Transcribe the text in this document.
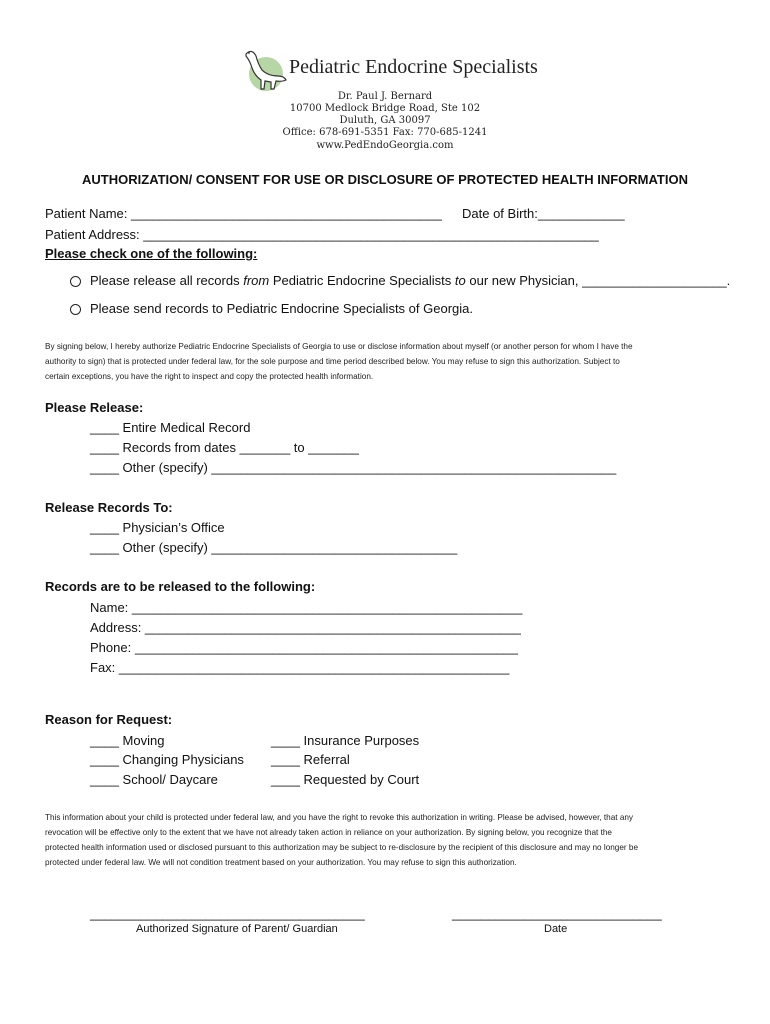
Pediatric Endocrine Specialists
Dr. Paul J. Bernard
10700 Medlock Bridge Road, Ste 102
Duluth, GA 30097
Office: 678-691-5351 Fax: 770-685-1241
www.PedEndoGeorgia.com
AUTHORIZATION/ CONSENT FOR USE OR DISCLOSURE OF PROTECTED HEALTH INFORMATION
Patient Name: ___________________________________________ Date of Birth:____________
Patient Address: _______________________________________________________________
Please check one of the following:
Please release all records from Pediatric Endocrine Specialists to our new Physician, ____________________.
Please send records to Pediatric Endocrine Specialists of Georgia.
By signing below, I hereby authorize Pediatric Endocrine Specialists of Georgia to use or disclose information about myself (or another person for whom I have the
authority to sign) that is protected under federal law, for the sole purpose and time period described below. You may refuse to sign this authorization. Subject to
certain exceptions, you have the right to inspect and copy the protected health information.
Please Release:
____ Entire Medical Record
____ Records from dates _______ to _______
____ Other (specify) ________________________________________________________
Release Records To:
____ Physician’s Office
____ Other (specify) __________________________________
Records are to be released to the following:
Name: ______________________________________________________
Address: ____________________________________________________
Phone: _____________________________________________________
Fax: ______________________________________________________
Reason for Request:
____ Moving
____ Changing Physicians
____ School/ Daycare
____ Insurance Purposes
____ Referral
____ Requested by Court
This information about your child is protected under federal law, and you have the right to revoke this authorization in writing. Please be advised, however, that any
revocation will be effective only to the extent that we have not already taken action in reliance on your authorization. By signing below, you recognize that the
protected health information used or disclosed pursuant to this authorization may be subject to re-disclosure by the recipient of this disclosure and may no longer be
protected under federal law. We will not condition treatment based on your authorization. You may refuse to sign this authorization.
______________________________________
Authorized Signature of Parent/ Guardian
_____________________________
Date
